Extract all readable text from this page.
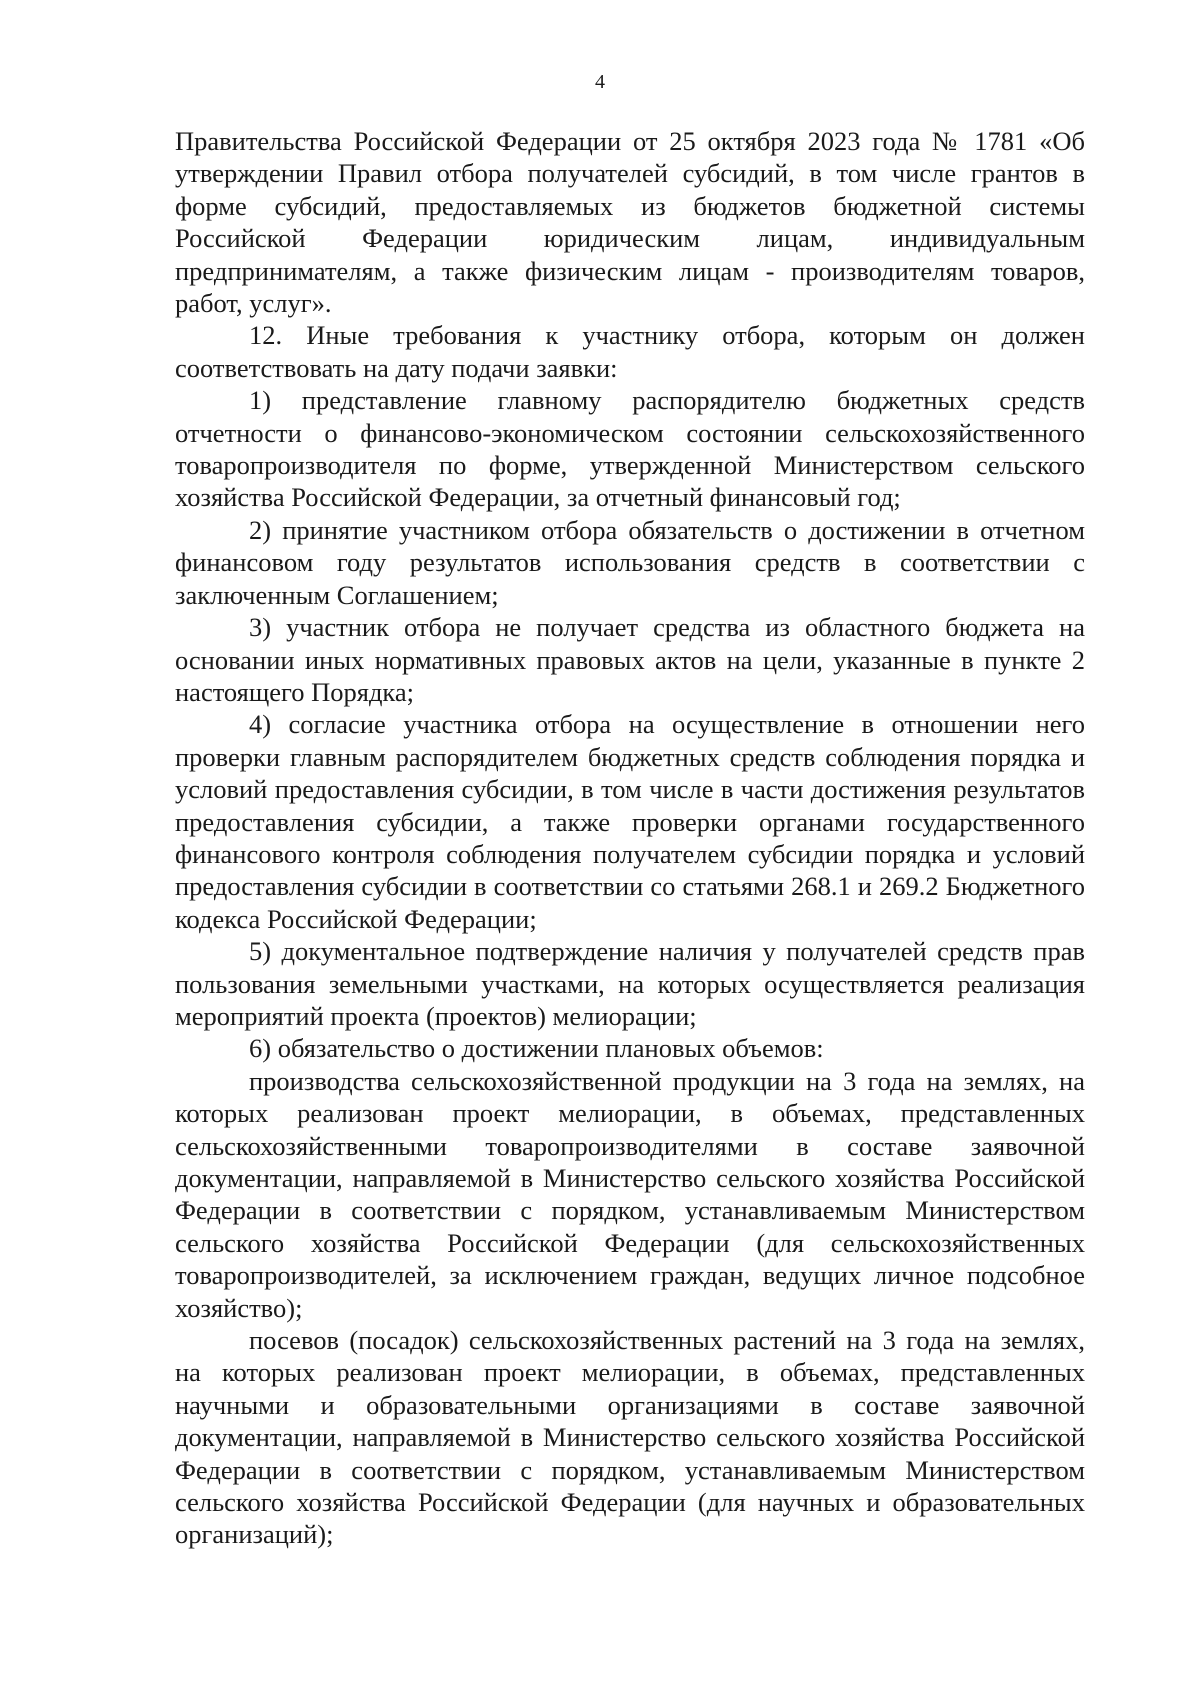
4

Правительства Российской Федерации от 25 октября 2023 года № 1781 «Об утверждении Правил отбора получателей субсидий, в том числе грантов в форме субсидий, предоставляемых из бюджетов бюджетной системы Российской Федерации юридическим лицам, индивидуальным предпринимателям, а также физическим лицам - производителям товаров, работ, услуг».

12. Иные требования к участнику отбора, которым он должен соответствовать на дату подачи заявки:

1) представление главному распорядителю бюджетных средств отчетности о финансово-экономическом состоянии сельскохозяйственного товаропроизводителя по форме, утвержденной Министерством сельского хозяйства Российской Федерации, за отчетный финансовый год;

2) принятие участником отбора обязательств о достижении в отчетном финансовом году результатов использования средств в соответствии с заключенным Соглашением;

3) участник отбора не получает средства из областного бюджета на основании иных нормативных правовых актов на цели, указанные в пункте 2 настоящего Порядка;

4) согласие участника отбора на осуществление в отношении него проверки главным распорядителем бюджетных средств соблюдения порядка и условий предоставления субсидии, в том числе в части достижения результатов предоставления субсидии, а также проверки органами государственного финансового контроля соблюдения получателем субсидии порядка и условий предоставления субсидии в соответствии со статьями 268.1 и 269.2 Бюджетного кодекса Российской Федерации;

5) документальное подтверждение наличия у получателей средств прав пользования земельными участками, на которых осуществляется реализация мероприятий проекта (проектов) мелиорации;

6) обязательство о достижении плановых объемов:

производства сельскохозяйственной продукции на 3 года на землях, на которых реализован проект мелиорации, в объемах, представленных сельскохозяйственными товаропроизводителями в составе заявочной документации, направляемой в Министерство сельского хозяйства Российской Федерации в соответствии с порядком, устанавливаемым Министерством сельского хозяйства Российской Федерации (для сельскохозяйственных товаропроизводителей, за исключением граждан, ведущих личное подсобное хозяйство);

посевов (посадок) сельскохозяйственных растений на 3 года на землях, на которых реализован проект мелиорации, в объемах, представленных научными и образовательными организациями в составе заявочной документации, направляемой в Министерство сельского хозяйства Российской Федерации в соответствии с порядком, устанавливаемым Министерством сельского хозяйства Российской Федерации (для научных и образовательных организаций);
